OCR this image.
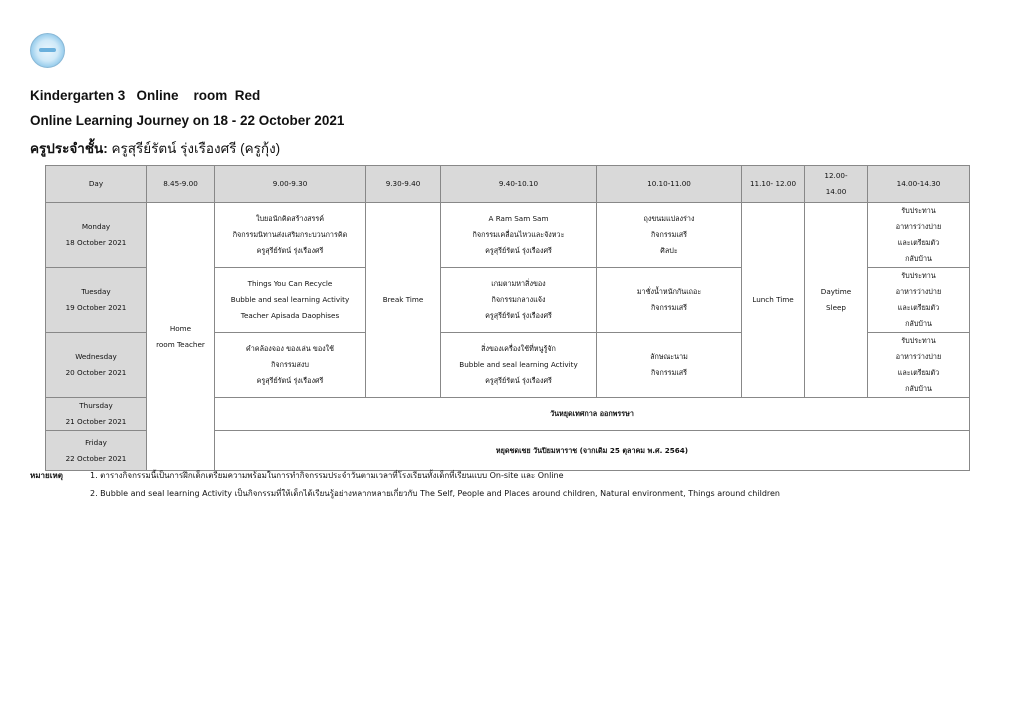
Kindergarten 3   Online    room  Red
Online Learning Journey on 18 - 22 October 2021
ครูประจำชั้น: ครูสุรีย์รัตน์ รุ่งเรืองศรี (ครูกุ้ง)
Day	8.45-9.00	9.00-9.30	9.30-9.40	9.40-10.10	10.10-11.00	11.10- 12.00	12.00-
14.00	14.00-14.30

Monday
18 October 2021	Home
room Teacher	ใบยอนักคิดสร้างสรรค์
กิจกรรมนิทานส่งเสริมกระบวนการคิด
ครูสุรีย์รัตน์ รุ่งเรืองศรี	Break Time	A Ram Sam Sam
กิจกรรมเคลื่อนไหวและจังหวะ
ครูสุรีย์รัตน์ รุ่งเรืองศรี	ถุงขนมแปลงร่าง
กิจกรรมเสรี
ศิลปะ	Lunch Time	Daytime
Sleep	รับประทาน
อาหารว่างบ่าย
และเตรียมตัว
กลับบ้าน

Tuesday
19 October 2021		Things You Can Recycle
Bubble and seal learning Activity
Teacher Apisada Daophises		เกมตามหาสิ่งของ
กิจกรรมกลางแจ้ง
ครูสุรีย์รัตน์ รุ่งเรืองศรี	มาชั่งน้ำหนักกันเถอะ
กิจกรรมเสรี			รับประทาน
อาหารว่างบ่าย
และเตรียมตัว
กลับบ้าน

Wednesday
20 October 2021		คำคล้องจอง ของเล่น ของใช้
กิจกรรมสงบ
ครูสุรีย์รัตน์ รุ่งเรืองศรี		สิ่งของเครื่องใช้ที่หนูรู้จัก
Bubble and seal learning Activity
ครูสุรีย์รัตน์ รุ่งเรืองศรี	ลักษณะนาม
กิจกรรมเสรี			รับประทาน
อาหารว่างบ่าย
และเตรียมตัว
กลับบ้าน

Thursday
21 October 2021		วันหยุดเทศกาล ออกพรรษา						

Friday
22 October 2021		หยุดชดเชย วันปิยมหาราช (จากเดิม 25 ตุลาคม พ.ศ. 2564)						
หมายเหตุ	1. ตารางกิจกรรมนี้เป็นการฝึกเด็กเตรียมความพร้อมในการทำกิจกรรมประจำวันตามเวลาที่โรงเรียนทั้งเด็กที่เรียนแบบ On-site และ Online
2. Bubble and seal learning Activity เป็นกิจกรรมที่ให้เด็กได้เรียนรู้อย่างหลากหลายเกี่ยวกับ The Self, People and Places around children, Natural environment, Things around children
